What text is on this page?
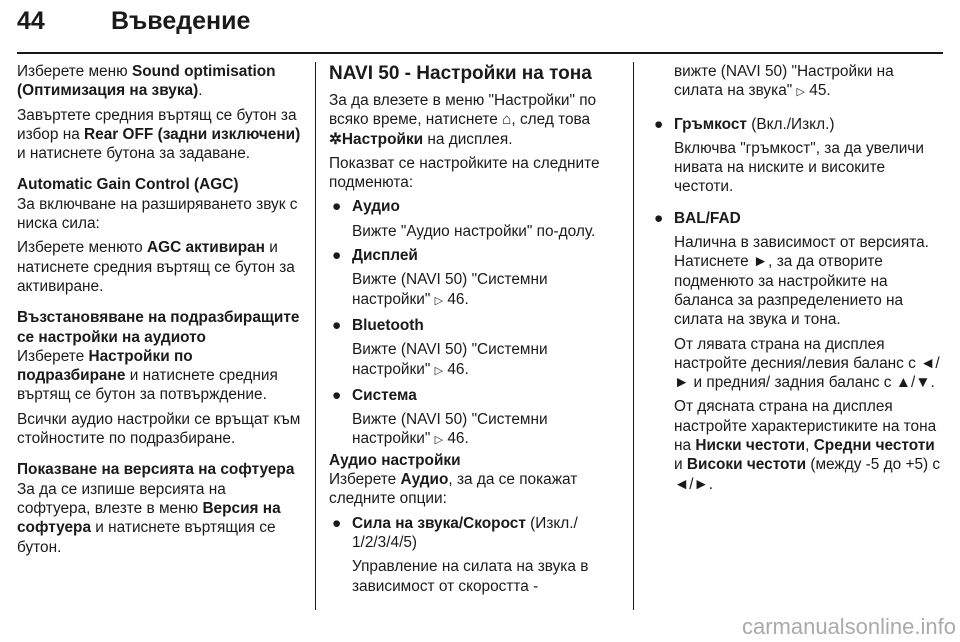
44	Въведение

Изберете меню Sound optimisation (Оптимизация на звука).

Завъртете средния въртящ се бутон за избор на Rear OFF (задни изключени) и натиснете бутона за задаване.

Automatic Gain Control (AGC)

За включване на разширяването звук с ниска сила:

Изберете менюто AGC активиран и натиснете средния въртящ се бутон за активиране.

Възстановяване на подразбиращите се настройки на аудиото

Изберете Настройки по подразбиране и натиснете средния въртящ се бутон за потвърждение.

Всички аудио настройки се връщат към стойностите по подразбиране.

Показване на версията на софтуера

За да се изпише версията на софтуера, влезте в меню Версия на софтуера и натиснете въртящия се бутон.

NAVI 50 - Настройки на тона

За да влезете в меню "Настройки" по всяко време, натиснете ⌂, след това ✲Настройки на дисплея.

Показват се настройките на следните подменюта:

● Аудио

Вижте "Аудио настройки" по-долу.

● Дисплей

Вижте (NAVI 50) "Системни настройки" ▷ 46.

● Bluetooth

Вижте (NAVI 50) "Системни настройки" ▷ 46.

● Система

Вижте (NAVI 50) "Системни настройки" ▷ 46.

Аудио настройки

Изберете Аудио, за да се покажат следните опции:

● Сила на звука/Скорост (Изкл./ 1/2/3/4/5)

Управление на силата на звука в зависимост от скоростта -

вижте (NAVI 50) "Настройки на силата на звука" ▷ 45.

● Гръмкост (Вкл./Изкл.)

Включва "гръмкост", за да увеличи нивата на ниските и високите честоти.

● BAL/FAD

Налична в зависимост от версията. Натиснете ►, за да отворите подменюто за настройките на баланса за разпределението на силата на звука и тона.

От лявата страна на дисплея настройте десния/левия баланс с ◄/► и предния/ задния баланс с ▲/▼.

От дясната страна на дисплея настройте характеристиките на тона на Ниски честоти, Средни честоти и Високи честоти (между -5 до +5) с ◄/►.

carmanualsonline.info
